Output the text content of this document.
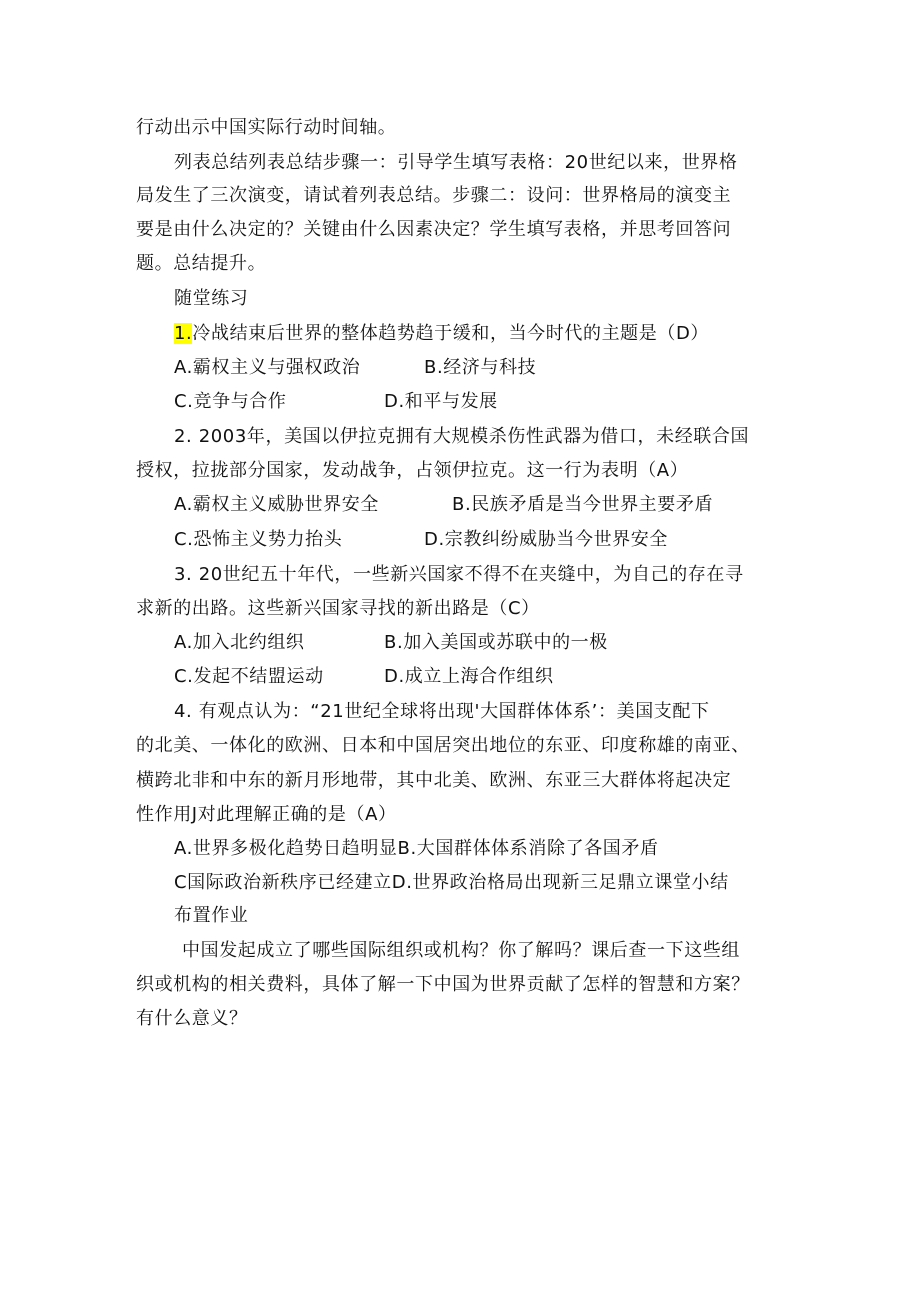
行动出示中国实际行动时间轴。
列表总结列表总结步骤一：引导学生填写表格：20世纪以来，世界格
局发生了三次演变，请试着列表总结。步骤二：设问：世界格局的演变主
要是由什么决定的？关键由什么因素决定？学生填写表格，并思考回答问
题。总结提升。
随堂练习
1.冷战结束后世界的整体趋势趋于缓和，当今时代的主题是（D）
A.霸权主义与强权政治	B.经济与科技
C.竞争与合作	D.和平与发展
2. 2003年，美国以伊拉克拥有大规模杀伤性武器为借口，未经联合国
授权，拉拢部分国家，发动战争，占领伊拉克。这一行为表明（A）
A.霸权主义威胁世界安全	B.民族矛盾是当今世界主要矛盾
C.恐怖主义势力抬头	D.宗教纠纷威胁当今世界安全
3. 20世纪五十年代，一些新兴国家不得不在夹缝中，为自己的存在寻
求新的出路。这些新兴国家寻找的新出路是（C）
A.加入北约组织	B.加入美国或苏联中的一极
C.发起不结盟运动	D.成立上海合作组织
4. 有观点认为：“21世纪全球将出现'大国群体体系’：美国支配下
的北美、一体化的欧洲、日本和中国居突出地位的东亚、印度称雄的南亚、
横跨北非和中东的新月形地带，其中北美、欧洲、东亚三大群体将起决定
性作用J对此理解正确的是（A）
A.世界多极化趋势日趋明显B.大国群体体系消除了各国矛盾
C国际政治新秩序已经建立D.世界政治格局出现新三足鼎立课堂小结
布置作业
中国发起成立了哪些国际组织或机构？你了解吗？课后查一下这些组
织或机构的相关费料，具体了解一下中国为世界贡献了怎样的智慧和方案？
有什么意义？
